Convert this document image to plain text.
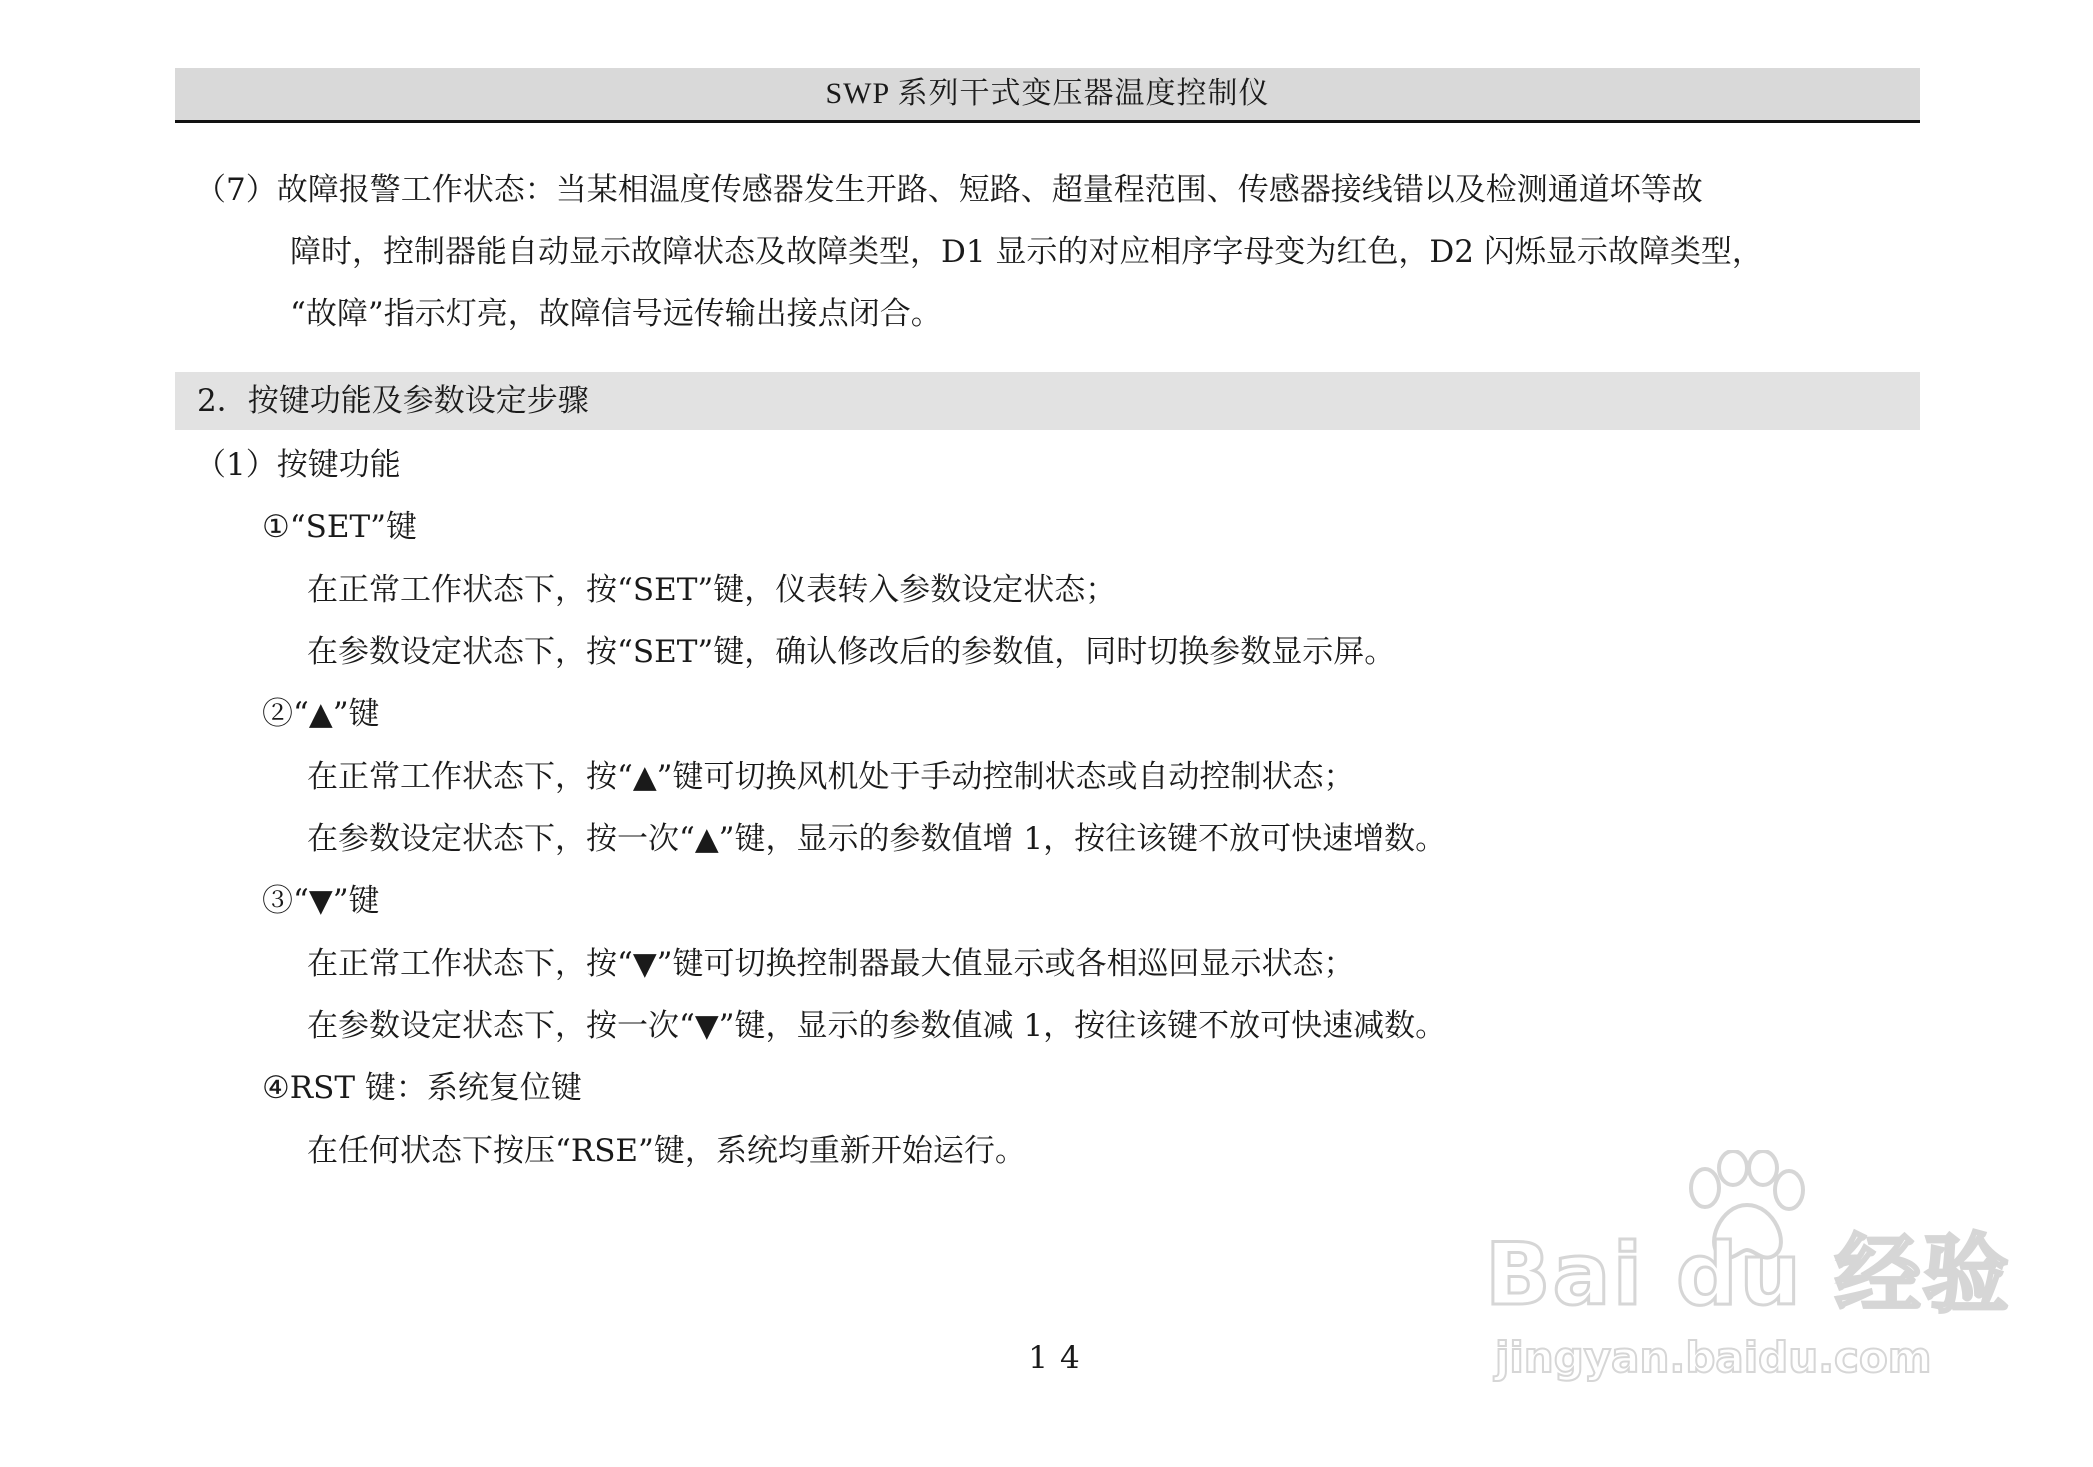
SWP 系列干式变压器温度控制仪
（7）故障报警工作状态：当某相温度传感器发生开路、短路、超量程范围、传感器接线错以及检测通道坏等故
障时，控制器能自动显示故障状态及故障类型，D1 显示的对应相序字母变为红色，D2 闪烁显示故障类型，
“故障”指示灯亮，故障信号远传输出接点闭合。
2．按键功能及参数设定步骤
（1）按键功能
①“SET”键
在正常工作状态下，按“SET”键，仪表转入参数设定状态；
在参数设定状态下，按“SET”键，确认修改后的参数值，同时切换参数显示屏。
②“▲”键
在正常工作状态下，按“▲”键可切换风机处于手动控制状态或自动控制状态；
在参数设定状态下，按一次“▲”键，显示的参数值增 1，按往该键不放可快速增数。
③“▼”键
在正常工作状态下，按“▼”键可切换控制器最大值显示或各相巡回显示状态；
在参数设定状态下，按一次“▼”键，显示的参数值减 1，按往该键不放可快速减数。
④RST 键：系统复位键
在任何状态下按压“RSE”键，系统均重新开始运行。
14
Bai du 经验
jingyan.baidu.com
